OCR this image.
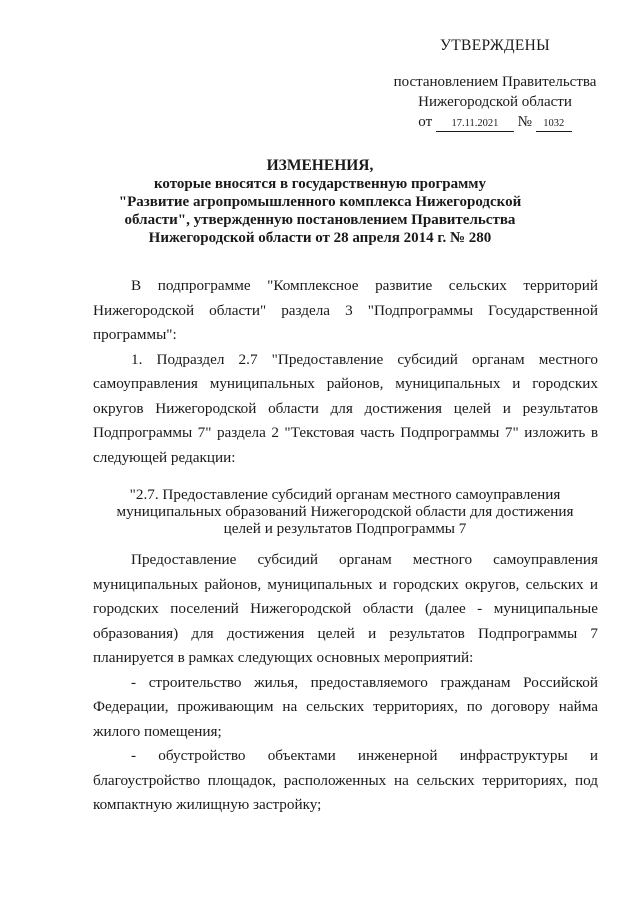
УТВЕРЖДЕНЫ
постановлением Правительства
Нижегородской области
от 17.11.2021 № 1032
ИЗМЕНЕНИЯ,
которые вносятся в государственную программу
"Развитие агропромышленного комплекса Нижегородской
области", утвержденную постановлением Правительства
Нижегородской области от 28 апреля 2014 г. № 280

В подпрограмме "Комплексное развитие сельских территорий Нижегородской области" раздела 3 "Подпрограммы Государственной программы":

1. Подраздел 2.7 "Предоставление субсидий органам местного самоуправления муниципальных районов, муниципальных и городских округов Нижегородской области для достижения целей и результатов Подпрограммы 7" раздела 2 "Текстовая часть Подпрограммы 7" изложить в следующей редакции:

"2.7. Предоставление субсидий органам местного самоуправления
муниципальных образований Нижегородской области для достижения
целей и результатов Подпрограммы 7

Предоставление субсидий органам местного самоуправления муниципальных районов, муниципальных и городских округов, сельских и городских поселений Нижегородской области (далее - муниципальные образования) для достижения целей и результатов Подпрограммы 7 планируется в рамках следующих основных мероприятий:

- строительство жилья, предоставляемого гражданам Российской Федерации, проживающим на сельских территориях, по договору найма жилого помещения;

- обустройство объектами инженерной инфраструктуры и благоустройство площадок, расположенных на сельских территориях, под компактную жилищную застройку;
